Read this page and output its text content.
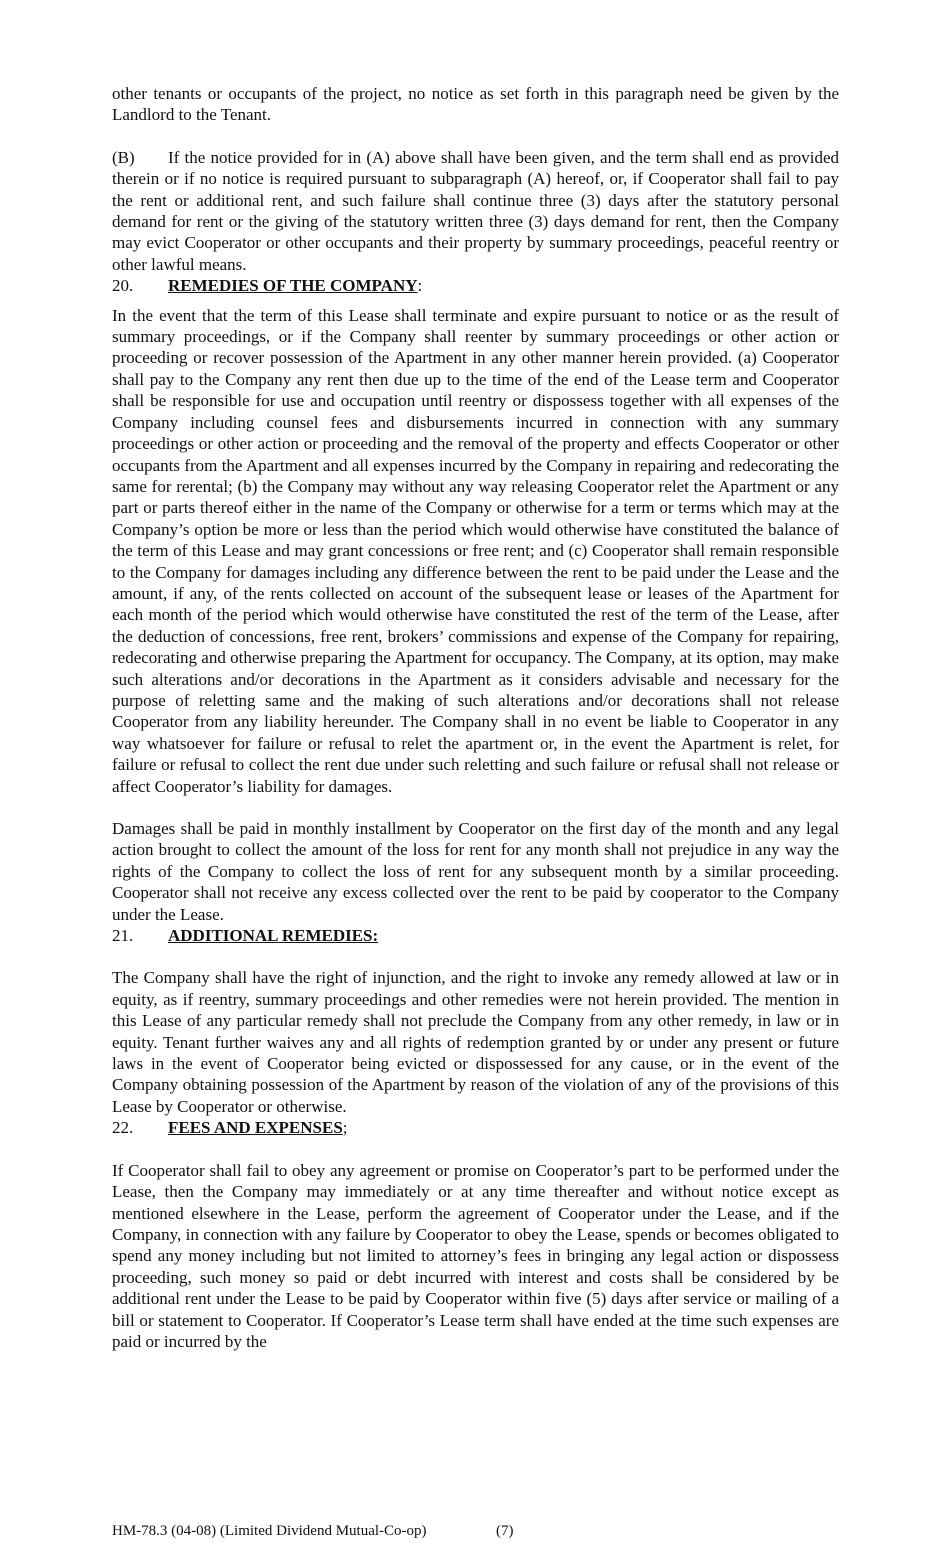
other tenants or occupants of the project, no notice as set forth in this paragraph need be given by the Landlord to the Tenant.

(B) If the notice provided for in (A) above shall have been given, and the term shall end as provided therein or if no notice is required pursuant to subparagraph (A) hereof, or, if Cooperator shall fail to pay the rent or additional rent, and such failure shall continue three (3) days after the statutory personal demand for rent or the giving of the statutory written three (3) days demand for rent, then the Company may evict Cooperator or other occupants and their property by summary proceedings, peaceful reentry or other lawful means.

20.	REMEDIES OF THE COMPANY:

In the event that the term of this Lease shall terminate and expire pursuant to notice or as the result of summary proceedings, or if the Company shall reenter by summary proceedings or other action or proceeding or recover possession of the Apartment in any other manner herein provided. (a) Cooperator shall pay to the Company any rent then due up to the time of the end of the Lease term and Cooperator shall be responsible for use and occupation until reentry or dispossess together with all expenses of the Company including counsel fees and disbursements incurred in connection with any summary proceedings or other action or proceeding and the removal of the property and effects Cooperator or other occupants from the Apartment and all expenses incurred by the Company in repairing and redecorating the same for rerental; (b) the Company may without any way releasing Cooperator relet the Apartment or any part or parts thereof either in the name of the Company or otherwise for a term or terms which may at the Company’s option be more or less than the period which would otherwise have constituted the balance of the term of this Lease and may grant concessions or free rent; and (c) Cooperator shall remain responsible to the Company for damages including any difference between the rent to be paid under the Lease and the amount, if any, of the rents collected on account of the subsequent lease or leases of the Apartment for each month of the period which would otherwise have constituted the rest of the term of the Lease, after the deduction of concessions, free rent, brokers’ commissions and expense of the Company for repairing, redecorating and otherwise preparing the Apartment for occupancy. The Company, at its option, may make such alterations and/or decorations in the Apartment as it considers advisable and necessary for the purpose of reletting same and the making of such alterations and/or decorations shall not release Cooperator from any liability hereunder. The Company shall in no event be liable to Cooperator in any way whatsoever for failure or refusal to relet the apartment or, in the event the Apartment is relet, for failure or refusal to collect the rent due under such reletting and such failure or refusal shall not release or affect Cooperator’s liability for damages.

Damages shall be paid in monthly installment by Cooperator on the first day of the month and any legal action brought to collect the amount of the loss for rent for any month shall not prejudice in any way the rights of the Company to collect the loss of rent for any subsequent month by a similar proceeding. Cooperator shall not receive any excess collected over the rent to be paid by cooperator to the Company under the Lease.

21.	ADDITIONAL REMEDIES:

The Company shall have the right of injunction, and the right to invoke any remedy allowed at law or in equity, as if reentry, summary proceedings and other remedies were not herein provided. The mention in this Lease of any particular remedy shall not preclude the Company from any other remedy, in law or in equity. Tenant further waives any and all rights of redemption granted by or under any present or future laws in the event of Cooperator being evicted or dispossessed for any cause, or in the event of the Company obtaining possession of the Apartment by reason of the violation of any of the provisions of this Lease by Cooperator or otherwise.

22.	FEES AND EXPENSES;

If Cooperator shall fail to obey any agreement or promise on Cooperator’s part to be performed under the Lease, then the Company may immediately or at any time thereafter and without notice except as mentioned elsewhere in the Lease, perform the agreement of Cooperator under the Lease, and if the Company, in connection with any failure by Cooperator to obey the Lease, spends or becomes obligated to spend any money including but not limited to attorney’s fees in bringing any legal action or dispossess proceeding, such money so paid or debt incurred with interest and costs shall be considered by be additional rent under the Lease to be paid by Cooperator within five (5) days after service or mailing of a bill or statement to Cooperator. If Cooperator’s Lease term shall have ended at the time such expenses are paid or incurred by the

HM-78.3 (04-08) (Limited Dividend Mutual-Co-op)	(7)
